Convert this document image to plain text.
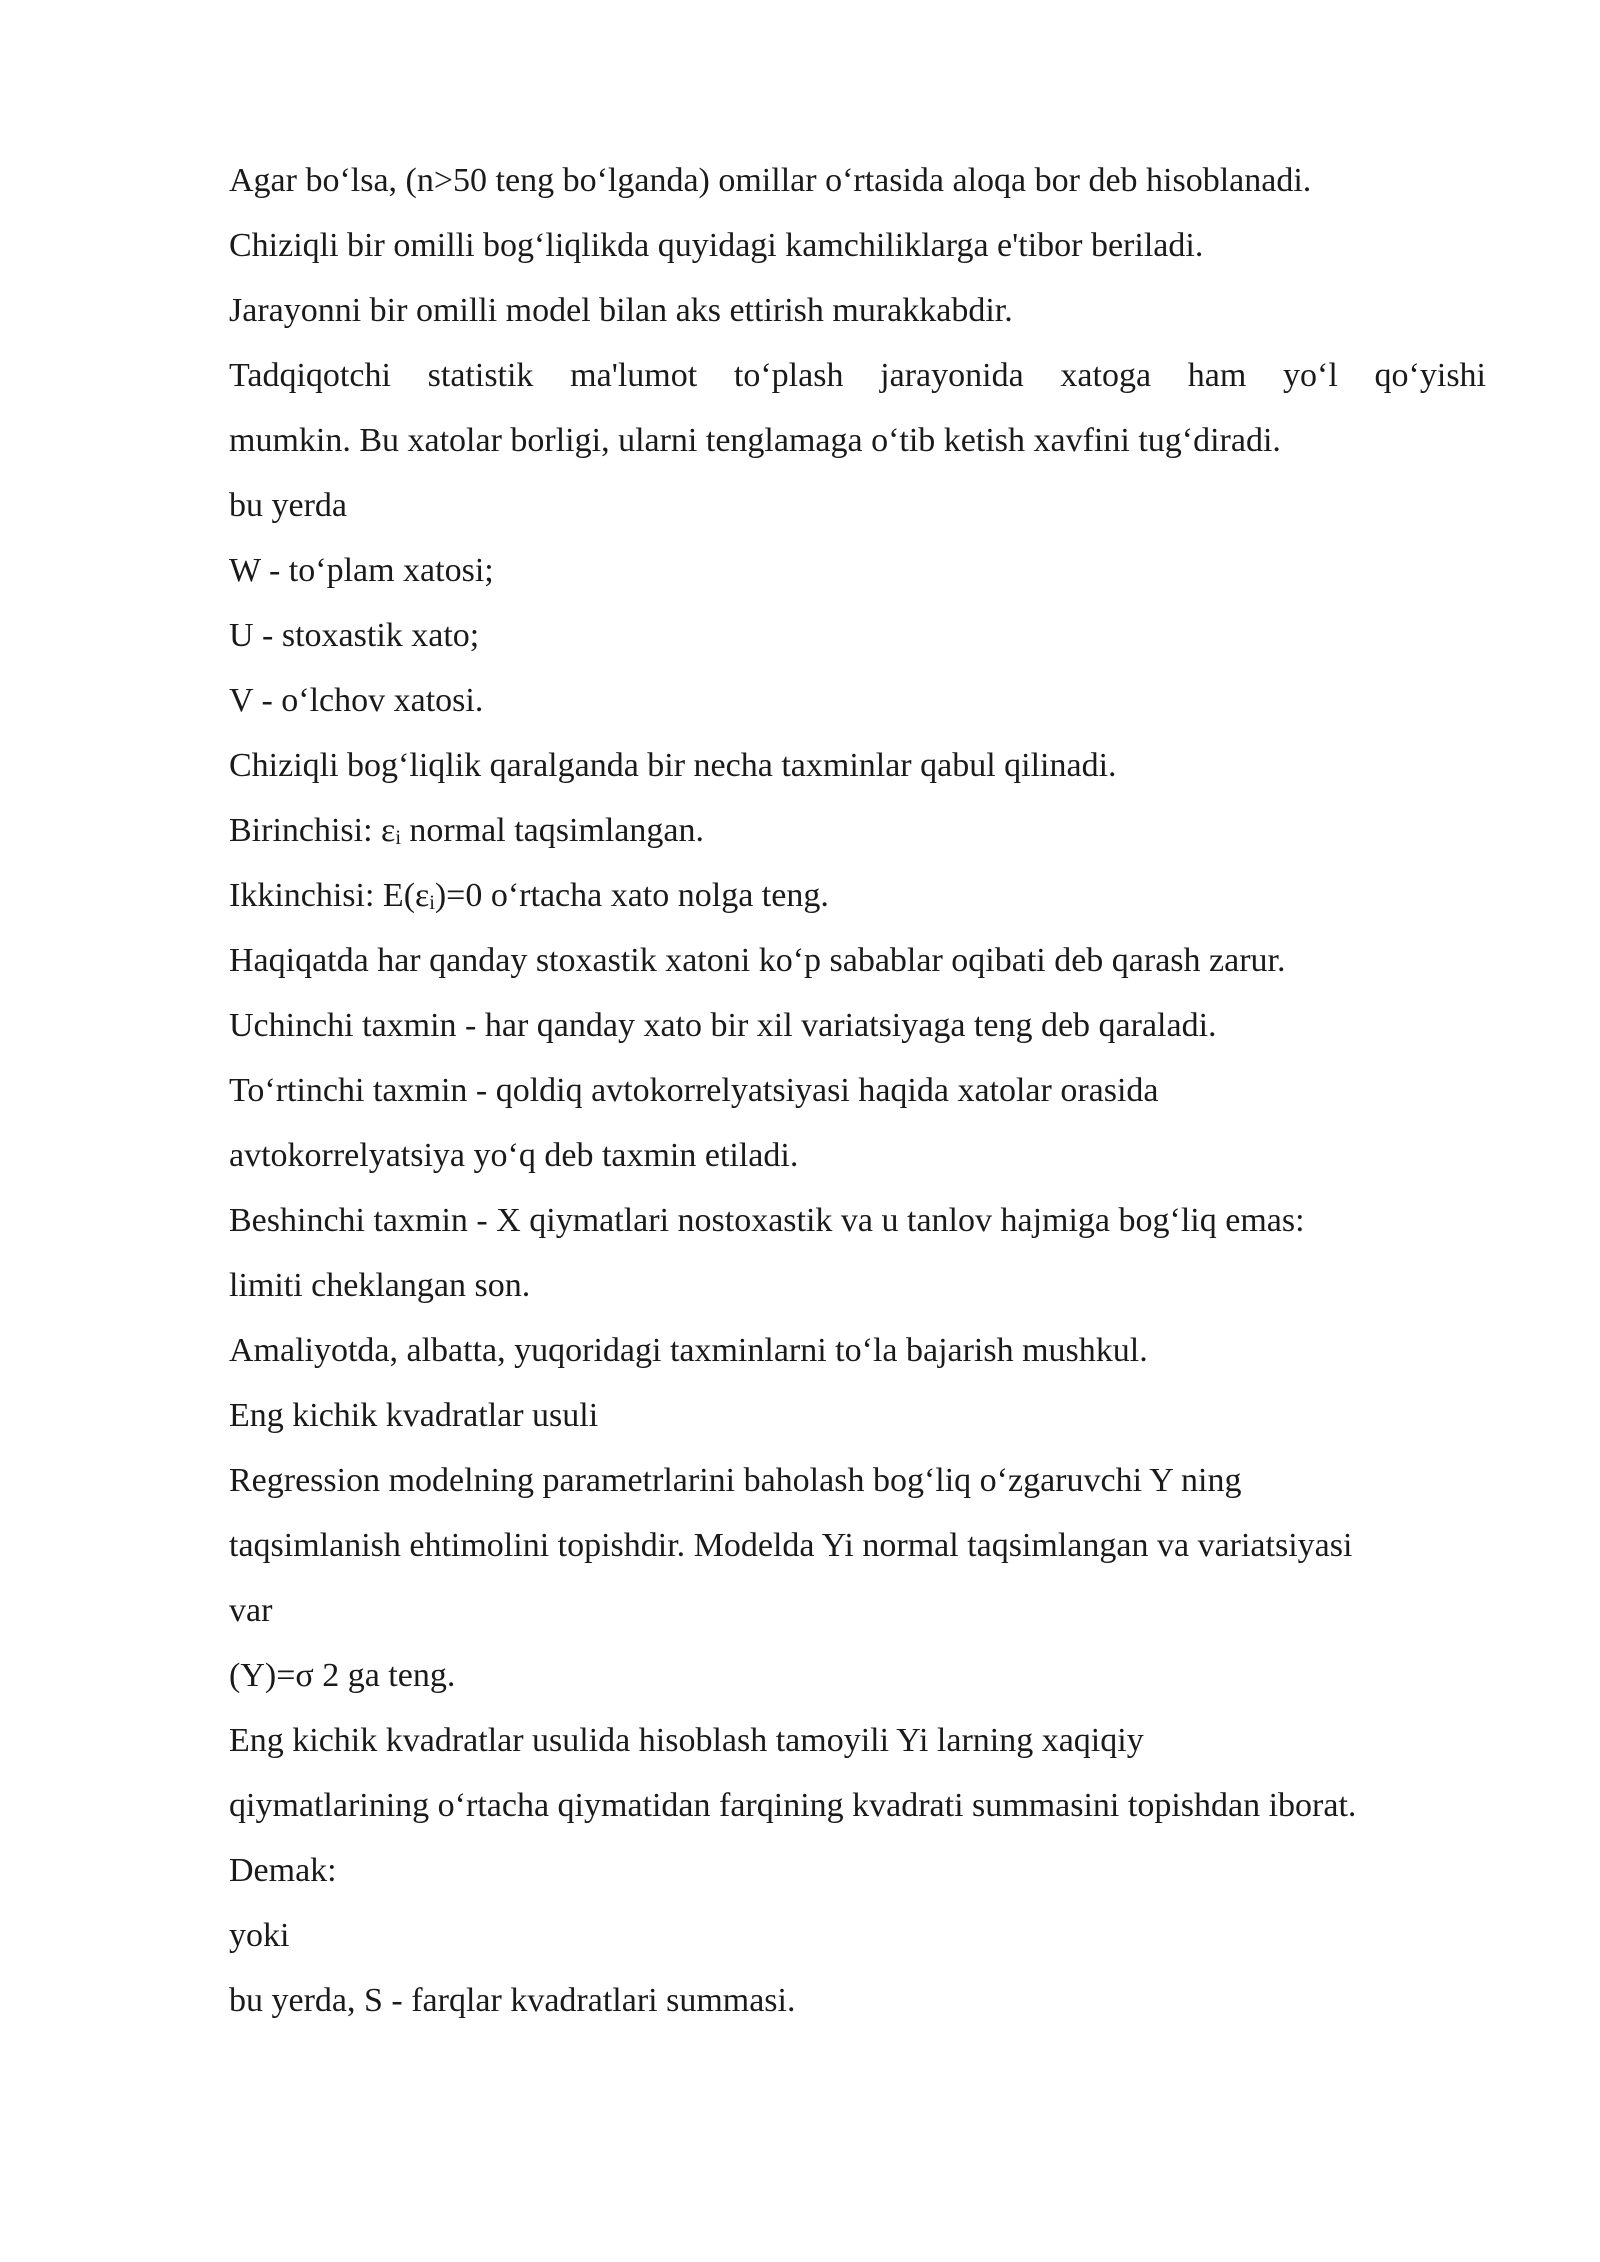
Agar bo‘lsa, (n>50 teng bo‘lganda) omillar o‘rtasida aloqa bor deb hisoblanadi.

Chiziqli bir omilli bog‘liqlikda quyidagi kamchiliklarga e'tibor beriladi.

Jarayonni bir omilli model bilan aks ettirish murakkabdir.

Tadqiqotchi statistik ma'lumot to‘plash jarayonida xatoga ham yo‘l qo‘yishi

mumkin. Bu xatolar borligi, ularni tenglamaga o‘tib ketish xavfini tug‘diradi.

bu yerda

W - to‘plam xatosi;

U - stoxastik xato;

V - o‘lchov xatosi.

Chiziqli bog‘liqlik qaralganda bir necha taxminlar qabul qilinadi.

Birinchisi: εᵢ normal taqsimlangan.

Ikkinchisi: E(εᵢ)=0 o‘rtacha xato nolga teng.

Haqiqatda har qanday stoxastik xatoni ko‘p sabablar oqibati deb qarash zarur.

Uchinchi taxmin - har qanday xato bir xil variatsiyaga teng deb qaraladi.

To‘rtinchi taxmin - qoldiq avtokorrelyatsiyasi haqida xatolar orasida

avtokorrelyatsiya yo‘q deb taxmin etiladi.

Beshinchi taxmin - X qiymatlari nostoxastik va u tanlov hajmiga bog‘liq emas:

limiti cheklangan son.

Amaliyotda, albatta, yuqoridagi taxminlarni to‘la bajarish mushkul.

Eng kichik kvadratlar usuli

Regression modelning parametrlarini baholash bog‘liq o‘zgaruvchi Y ning

taqsimlanish ehtimolini topishdir. Modelda Yi normal taqsimlangan va variatsiyasi

var

(Y)=σ 2 ga teng.

Eng kichik kvadratlar usulida hisoblash tamoyili Yi larning xaqiqiy

qiymatlarining o‘rtacha qiymatidan farqining kvadrati summasini topishdan iborat.

Demak:

yoki

bu yerda, S - farqlar kvadratlari summasi.
